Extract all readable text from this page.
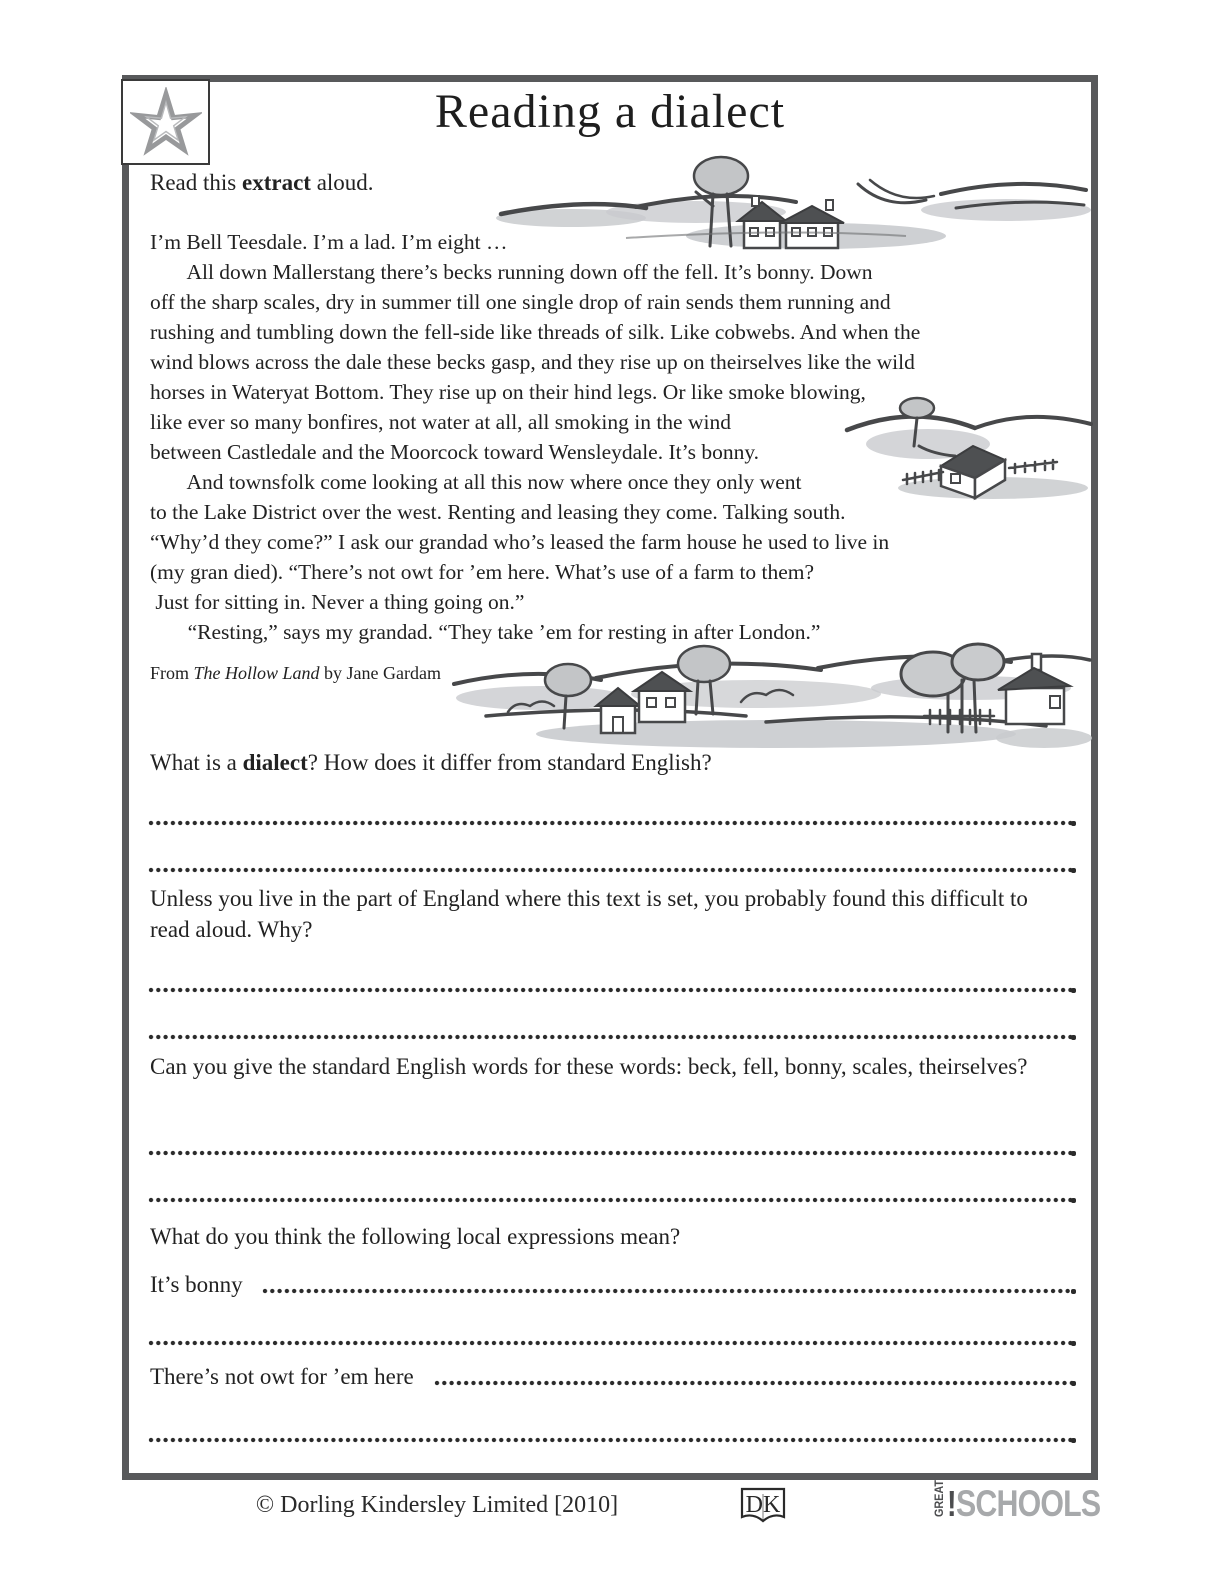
Reading a dialect
Read this extract aloud.
I’m Bell Teesdale. I’m a lad. I’m eight …
All down Mallerstang there’s becks running down off the fell. It’s bonny. Down
off the sharp scales, dry in summer till one single drop of rain sends them running and
rushing and tumbling down the fell-side like threads of silk. Like cobwebs. And when the
wind blows across the dale these becks gasp, and they rise up on theirselves like the wild
horses in Wateryat Bottom. They rise up on their hind legs. Or like smoke blowing,
like ever so many bonfires, not water at all, all smoking in the wind
between Castledale and the Moorcock toward Wensleydale. It’s bonny.
And townsfolk come looking at all this now where once they only went
to the Lake District over the west. Renting and leasing they come. Talking south.
“Why’d they come?” I ask our grandad who’s leased the farm house he used to live in
(my gran died). “There’s not owt for ’em here. What’s use of a farm to them?
Just for sitting in. Never a thing going on.”
“Resting,” says my grandad. “They take ’em for resting in after London.”
From The Hollow Land by Jane Gardam
What is a dialect? How does it differ from standard English?
Unless you live in the part of England where this text is set, you probably found this difficult to read aloud. Why?
Can you give the standard English words for these words: beck, fell, bonny, scales, theirselves?
What do you think the following local expressions mean?
It’s bonny
There’s not owt for ’em here
© Dorling Kindersley Limited [2010]	DK	GREAT ! SCHOOLS
